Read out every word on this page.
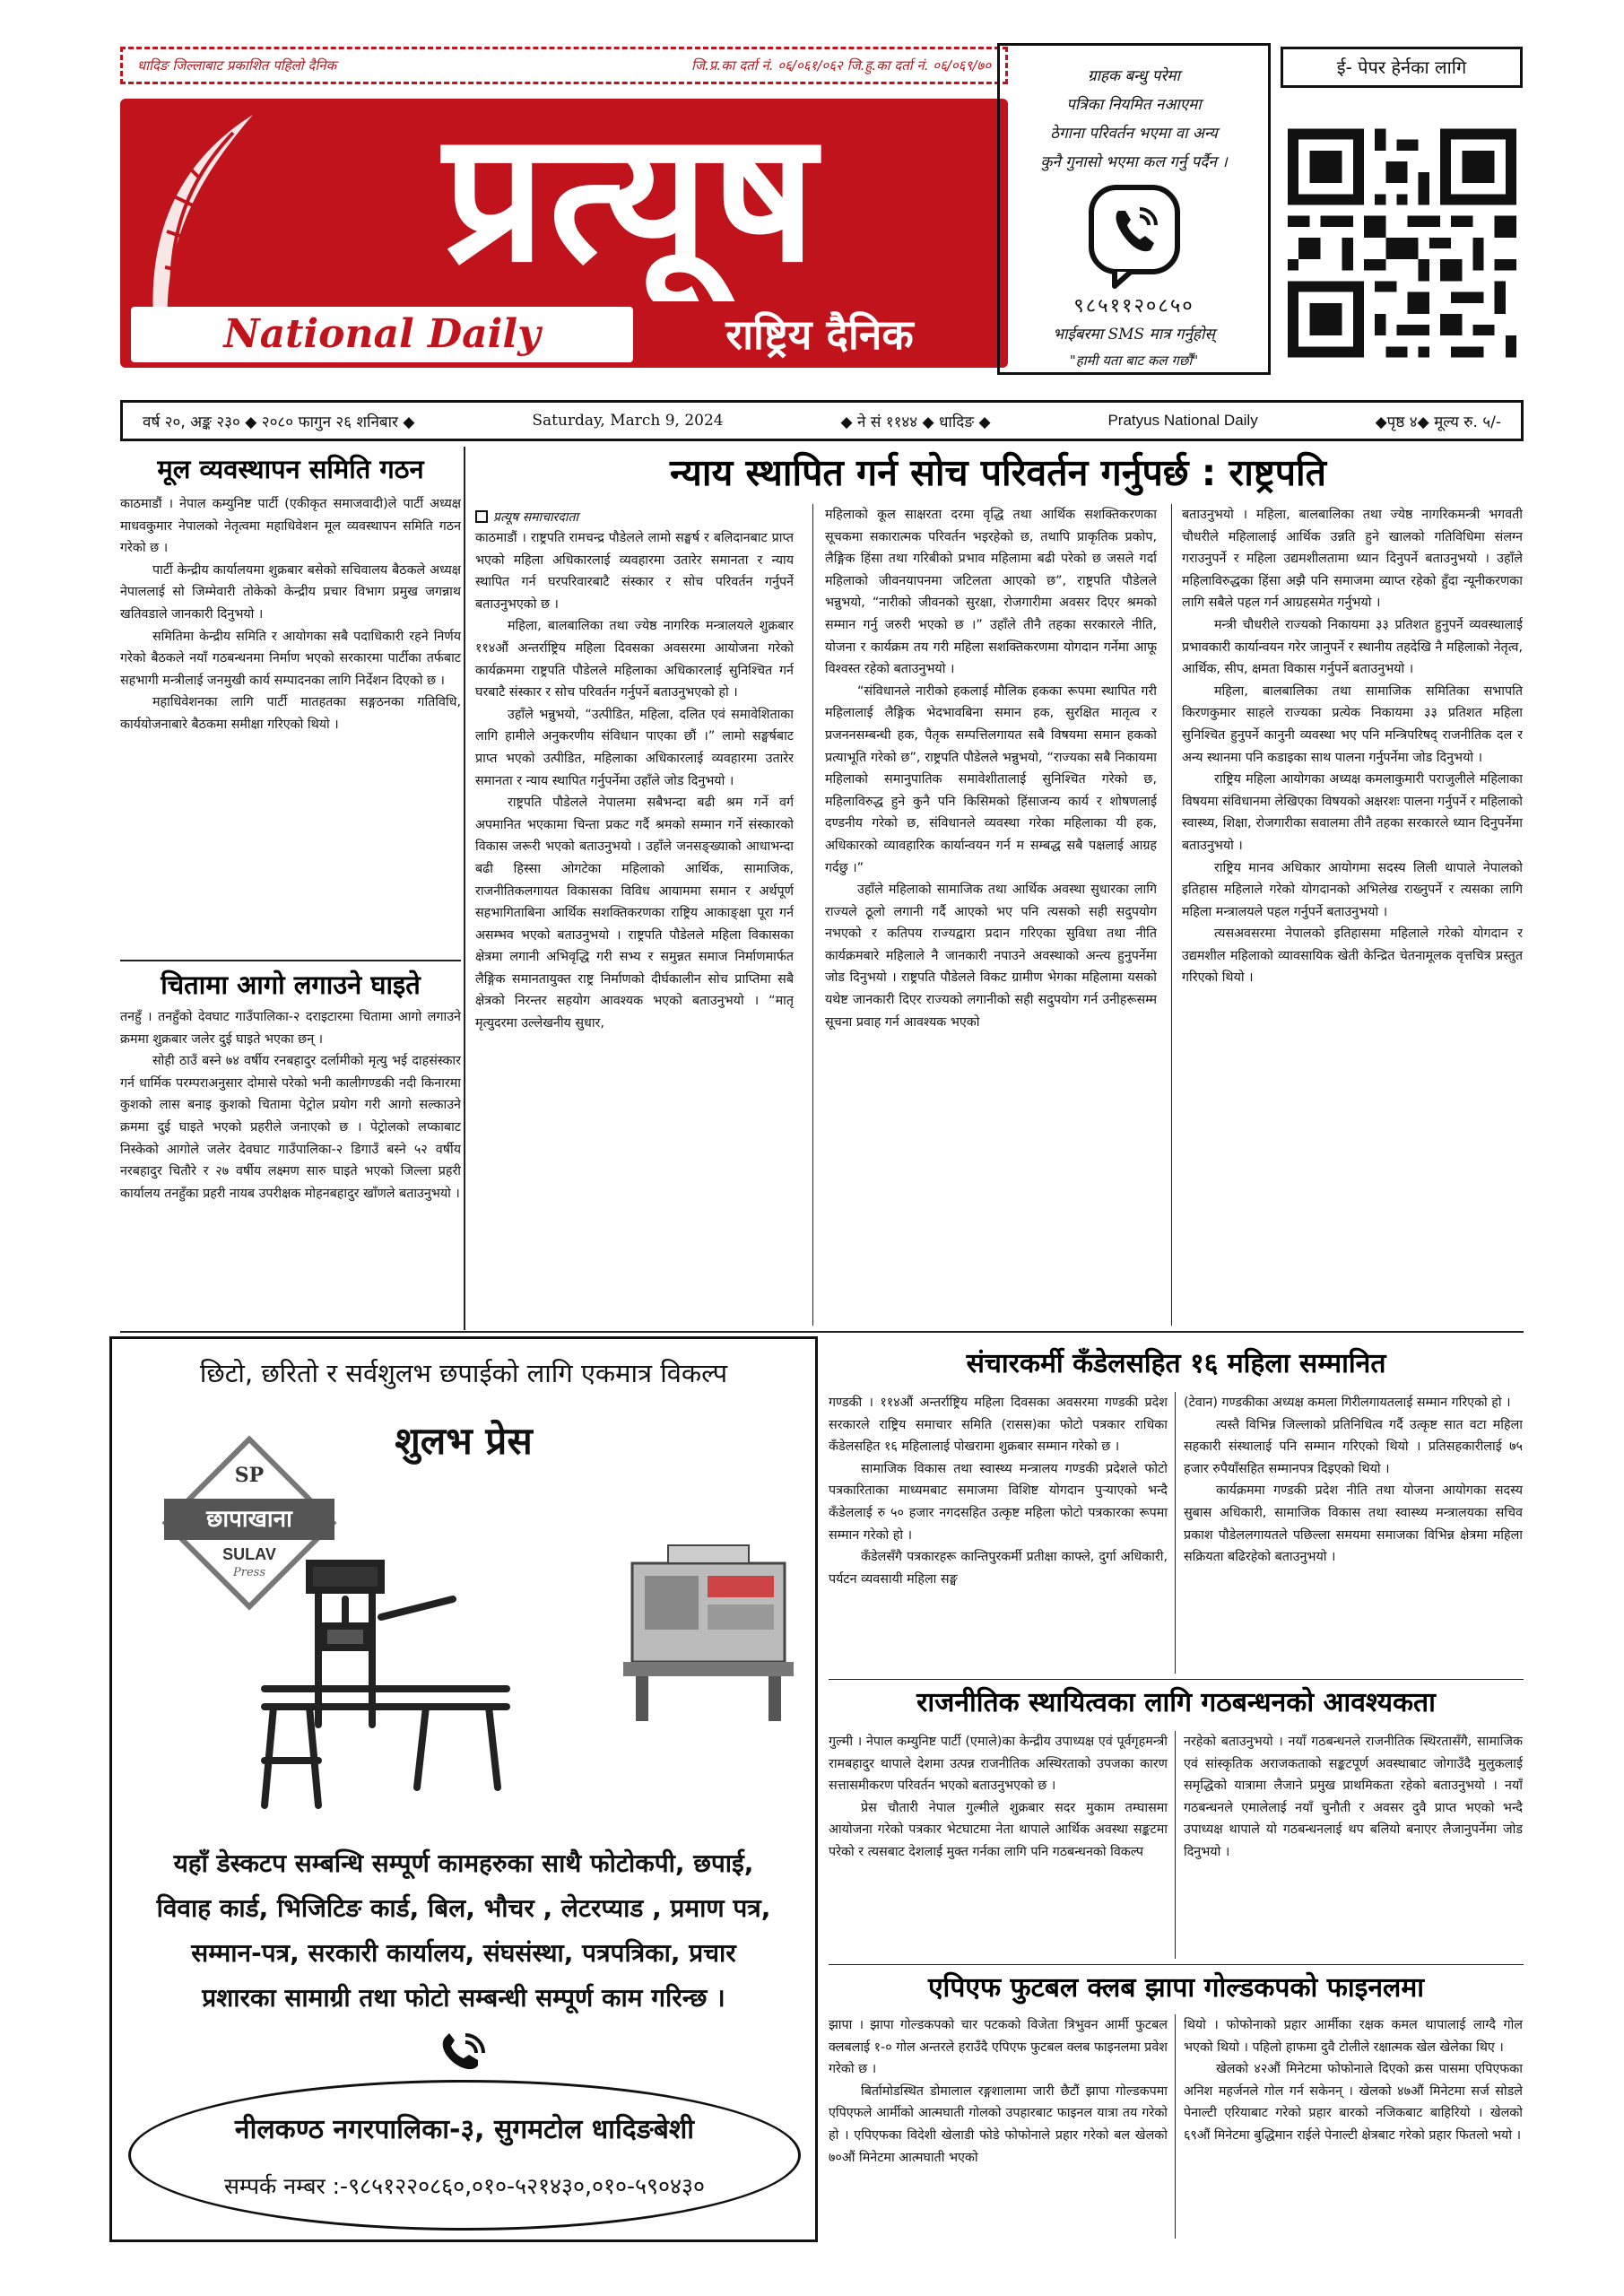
धादिङ जिल्लाबाट प्रकाशित पहिलो दैनिक	जि.प्र.का दर्ता नं. ०६/०६१/०६२ जि.हु.का दर्ता नं. ०६/०६९/७०
प्रत्यूष
National Daily	राष्ट्रिय दैनिक
ग्राहक बन्धु परेमा
पत्रिका नियमित नआएमा
ठेगाना परिवर्तन भएमा वा अन्य
कुनै गुनासो भएमा कल गर्नु पर्दैन ।
९८५११२०८५०
भाईबरमा SMS मात्र गर्नुहोस्
"हामी यता बाट कल गर्छौं"
ई- पेपर हेर्नका लागि
वर्ष २०, अङ्क २३० ◆ २०८० फागुन २६ शनिबार ◆	Saturday, March 9, 2024	◆ ने सं ११४४ ◆ धादिङ ◆	Pratyus National Daily	◆पृष्ठ ४◆ मूल्य रु. ५/-
मूल व्यवस्थापन समिति गठन

काठमाडौं । नेपाल कम्युनिष्ट पार्टी (एकीकृत समाजवादी)ले पार्टी अध्यक्ष माधवकुमार नेपालको नेतृत्वमा महाधिवेशन मूल व्यवस्थापन समिति गठन गरेको छ ।

पार्टी केन्द्रीय कार्यालयमा शुक्रबार बसेको सचिवालय बैठकले अध्यक्ष नेपाललाई सो जिम्मेवारी तोकेको केन्द्रीय प्रचार विभाग प्रमुख जगन्नाथ खतिवडाले जानकारी दिनुभयो ।

समितिमा केन्द्रीय समिति र आयोगका सबै पदाधिकारी रहने निर्णय गरेको बैठकले नयाँ गठबन्धनमा निर्माण भएको सरकारमा पार्टीका तर्फबाट सहभागी मन्त्रीलाई जनमुखी कार्य सम्पादनका लागि निर्देशन दिएको छ ।

महाधिवेशनका लागि पार्टी मातहतका सङ्गठनका गतिविधि, कार्ययोजनाबारे बैठकमा समीक्षा गरिएको थियो ।

चितामा आगो लगाउने घाइते

तनहुँ । तनहुँको देवघाट गाउँपालिका-२ दराइटारमा चितामा आगो लगाउने क्रममा शुक्रबार जलेर दुई घाइते भएका छन् ।

सोही ठाउँ बस्ने ७४ वर्षीय रनबहादुर दर्लामीको मृत्यु भई दाहसंस्कार गर्न धार्मिक परम्पराअनुसार दोमासे परेको भनी कालीगण्डकी नदी किनारमा कुशको लास बनाइ कुशको चितामा पेट्रोल प्रयोग गरी आगो सल्काउने क्रममा दुई घाइते भएको प्रहरीले जनाएको छ । पेट्रोलको लप्काबाट निस्केको आगोले जलेर देवघाट गाउँपालिका-२ डिगाउँ बस्ने ५२ वर्षीय नरबहादुर चितौरे र २७ वर्षीय लक्ष्मण सारु घाइते भएको जिल्ला प्रहरी कार्यालय तनहुँका प्रहरी नायब उपरीक्षक मोहनबहादुर खाँणले बताउनुभयो ।

न्याय स्थापित गर्न सोच परिवर्तन गर्नुपर्छ : राष्ट्रपति
प्रत्यूष समाचारदाता

काठमाडौं । राष्ट्रपति रामचन्द्र पौडेलले लामो सङ्घर्ष र बलिदानबाट प्राप्त भएको महिला अधिकारलाई व्यवहारमा उतारेर समानता र न्याय स्थापित गर्न घरपरिवारबाटै संस्कार र सोच परिवर्तन गर्नुपर्ने बताउनुभएको छ ।

महिला, बालबालिका तथा ज्येष्ठ नागरिक मन्त्रालयले शुक्रबार ११४औं अन्तर्राष्ट्रिय महिला दिवसका अवसरमा आयोजना गरेको कार्यक्रममा राष्ट्रपति पौडेलले महिलाका अधिकारलाई सुनिश्चित गर्न घरबाटै संस्कार र सोच परिवर्तन गर्नुपर्ने बताउनुभएको हो ।

उहाँले भन्नुभयो, “उत्पीडित, महिला, दलित एवं समावेशिताका लागि हामीले अनुकरणीय संविधान पाएका छौं ।” लामो सङ्घर्षबाट प्राप्त भएको उत्पीडित, महिलाका अधिकारलाई व्यवहारमा उतारेर समानता र न्याय स्थापित गर्नुपर्नेमा उहाँले जोड दिनुभयो ।

राष्ट्रपति पौडेलले नेपालमा सबैभन्दा बढी श्रम गर्ने वर्ग अपमानित भएकामा चिन्ता प्रकट गर्दै श्रमको सम्मान गर्ने संस्कारको विकास जरूरी भएको बताउनुभयो । उहाँले जनसङ्ख्याको आधाभन्दा बढी हिस्सा ओगटेका महिलाको आर्थिक, सामाजिक, राजनीतिकलगायत विकासका विविध आयाममा समान र अर्थपूर्ण सहभागिताबिना आर्थिक सशक्तिकरणका राष्ट्रिय आकाङ्क्षा पूरा गर्न असम्भव भएको बताउनुभयो । राष्ट्रपति पौडेलले महिला विकासका क्षेत्रमा लगानी अभिवृद्धि गरी सभ्य र समुन्नत समाज निर्माणमार्फत लैङ्गिक समानतायुक्त राष्ट्र निर्माणको दीर्घकालीन सोच प्राप्तिमा सबै क्षेत्रको निरन्तर सहयोग आवश्यक भएको बताउनुभयो । “मातृ मृत्युदरमा उल्लेखनीय सुधार,

महिलाको कूल साक्षरता दरमा वृद्धि तथा आर्थिक सशक्तिकरणका सूचकमा सकारात्मक परिवर्तन भइरहेको छ, तथापि प्राकृतिक प्रकोप, लैङ्गिक हिंसा तथा गरिबीको प्रभाव महिलामा बढी परेको छ जसले गर्दा महिलाको जीवनयापनमा जटिलता आएको छ”, राष्ट्रपति पौडेलले भन्नुभयो, “नारीको जीवनको सुरक्षा, रोजगारीमा अवसर दिएर श्रमको सम्मान गर्नु जरुरी भएको छ ।” उहाँले तीनै तहका सरकारले नीति, योजना र कार्यक्रम तय गरी महिला सशक्तिकरणमा योगदान गर्नेमा आफू विश्वस्त रहेको बताउनुभयो ।

“संविधानले नारीको हकलाई मौलिक हकका रूपमा स्थापित गरी महिलालाई लैङ्गिक भेदभावबिना समान हक, सुरक्षित मातृत्व र प्रजननसम्बन्धी हक, पैतृक सम्पत्तिलगायत सबै विषयमा समान हकको प्रत्याभूति गरेको छ”, राष्ट्रपति पौडेलले भन्नुभयो, “राज्यका सबै निकायमा महिलाको समानुपातिक समावेशीतालाई सुनिश्चित गरेको छ, महिलाविरुद्ध हुने कुनै पनि किसिमको हिंसाजन्य कार्य र शोषणलाई दण्डनीय गरेको छ, संविधानले व्यवस्था गरेका महिलाका यी हक, अधिकारको व्यावहारिक कार्यान्वयन गर्न म सम्बद्ध सबै पक्षलाई आग्रह गर्दछु ।”

उहाँले महिलाको सामाजिक तथा आर्थिक अवस्था सुधारका लागि राज्यले ठूलो लगानी गर्दै आएको भए पनि त्यसको सही सदुपयोग नभएको र कतिपय राज्यद्वारा प्रदान गरिएका सुविधा तथा नीति कार्यक्रमबारे महिलाले नै जानकारी नपाउने अवस्थाको अन्त्य हुनुपर्नेमा जोड दिनुभयो । राष्ट्रपति पौडेलले विकट ग्रामीण भेगका महिलामा यसको यथेष्ट जानकारी दिएर राज्यको लगानीको सही सदुपयोग गर्न उनीहरूसम्म सूचना प्रवाह गर्न आवश्यक भएको

बताउनुभयो । महिला, बालबालिका तथा ज्येष्ठ नागरिकमन्त्री भगवती चौधरीले महिलालाई आर्थिक उन्नति हुने खालको गतिविधिमा संलग्न गराउनुपर्ने र महिला उद्यमशीलतामा ध्यान दिनुपर्ने बताउनुभयो । उहाँले महिलाविरुद्धका हिंसा अझै पनि समाजमा व्याप्त रहेको हुँदा न्यूनीकरणका लागि सबैले पहल गर्न आग्रहसमेत गर्नुभयो ।

मन्त्री चौधरीले राज्यको निकायमा ३३ प्रतिशत हुनुपर्ने व्यवस्थालाई प्रभावकारी कार्यान्वयन गरेर जानुपर्ने र स्थानीय तहदेखि नै महिलाको नेतृत्व, आर्थिक, सीप, क्षमता विकास गर्नुपर्ने बताउनुभयो ।

महिला, बालबालिका तथा सामाजिक समितिका सभापति किरणकुमार साहले राज्यका प्रत्येक निकायमा ३३ प्रतिशत महिला सुनिश्चित हुनुपर्ने कानुनी व्यवस्था भए पनि मन्त्रिपरिषद् राजनीतिक दल र अन्य स्थानमा पनि कडाइका साथ पालना गर्नुपर्नेमा जोड दिनुभयो ।

राष्ट्रिय महिला आयोगका अध्यक्ष कमलाकुमारी पराजुलीले महिलाका विषयमा संविधानमा लेखिएका विषयको अक्षरशः पालना गर्नुपर्ने र महिलाको स्वास्थ्य, शिक्षा, रोजगारीका सवालमा तीनै तहका सरकारले ध्यान दिनुपर्नेमा बताउनुभयो ।

राष्ट्रिय मानव अधिकार आयोगमा सदस्य लिली थापाले नेपालको इतिहास महिलाले गरेको योगदानको अभिलेख राख्नुपर्ने र त्यसका लागि महिला मन्त्रालयले पहल गर्नुपर्ने बताउनुभयो ।

त्यसअवसरमा नेपालको इतिहासमा महिलाले गरेको योगदान र उद्यमशील महिलाको व्यावसायिक खेती केन्द्रित चेतनामूलक वृत्तचित्र प्रस्तुत गरिएको थियो ।

छिटो, छरितो र सर्वशुलभ छपाईको लागि एकमात्र विकल्प
शुलभ प्रेस
SP
छापाखाना
SULAV
Press
यहाँ डेस्कटप सम्बन्धि सम्पूर्ण कामहरुका साथै फोटोकपी, छपाई,
विवाह कार्ड, भिजिटिङ कार्ड, बिल, भौचर , लेटरप्याड , प्रमाण पत्र,
सम्मान-पत्र, सरकारी कार्यालय, संघसंस्था, पत्रपत्रिका, प्रचार
प्रशारका सामाग्री तथा फोटो सम्बन्धी सम्पूर्ण काम गरिन्छ ।
नीलकण्ठ नगरपालिका-३, सुगमटोल धादिङबेशी
सम्पर्क नम्बर :-९८५१२२०८६०,०१०-५२१४३०,०१०-५९०४३०
संचारकर्मी कँडेलसहित १६ महिला सम्मानित

गण्डकी । ११४औं अन्तर्राष्ट्रिय महिला दिवसका अवसरमा गण्डकी प्रदेश सरकारले राष्ट्रिय समाचार समिति (रासस)का फोटो पत्रकार राधिका कँडेलसहित १६ महिलालाई पोखरामा शुक्रबार सम्मान गरेको छ ।

सामाजिक विकास तथा स्वास्थ्य मन्त्रालय गण्डकी प्रदेशले फोटो पत्रकारिताका माध्यमबाट समाजमा विशिष्ट योगदान पुऱ्याएको भन्दै कँडेललाई रु ५० हजार नगदसहित उत्कृष्ट महिला फोटो पत्रकारका रूपमा सम्मान गरेको हो ।

कँडेलसँगै पत्रकारहरू कान्तिपुरकर्मी प्रतीक्षा काफ्ले, दुर्गा अधिकारी, पर्यटन व्यवसायी महिला सङ्घ

(टेवान) गण्डकीका अध्यक्ष कमला गिरीलगायतलाई सम्मान गरिएको हो ।

त्यस्तै विभिन्न जिल्लाको प्रतिनिधित्व गर्दै उत्कृष्ट सात वटा महिला सहकारी संस्थालाई पनि सम्मान गरिएको थियो । प्रतिसहकारीलाई ७५ हजार रुपैयाँसहित सम्मानपत्र दिइएको थियो ।

कार्यक्रममा गण्डकी प्रदेश नीति तथा योजना आयोगका सदस्य सुबास अधिकारी, सामाजिक विकास तथा स्वास्थ्य मन्त्रालयका सचिव प्रकाश पौडेललगायतले पछिल्ला समयमा समाजका विभिन्न क्षेत्रमा महिला सक्रियता बढिरहेको बताउनुभयो ।

राजनीतिक स्थायित्वका लागि गठबन्धनको आवश्यकता

गुल्मी । नेपाल कम्युनिष्ट पार्टी (एमाले)का केन्द्रीय उपाध्यक्ष एवं पूर्वगृहमन्त्री रामबहादुर थापाले देशमा उत्पन्न राजनीतिक अस्थिरताको उपजका कारण सत्तासमीकरण परिवर्तन भएको बताउनुभएको छ ।

प्रेस चौतारी नेपाल गुल्मीले शुक्रबार सदर मुकाम तम्घासमा आयोजना गरेको पत्रकार भेटघाटमा नेता थापाले आर्थिक अवस्था सङ्कटमा परेको र त्यसबाट देशलाई मुक्त गर्नका लागि पनि गठबन्धनको विकल्प

नरहेको बताउनुभयो । नयाँ गठबन्धनले राजनीतिक स्थिरतासँगै, सामाजिक एवं सांस्कृतिक अराजकताको सङ्कटपूर्ण अवस्थाबाट जोगाउँदै मुलुकलाई समृद्धिको यात्रामा लैजाने प्रमुख प्राथमिकता रहेको बताउनुभयो । नयाँ गठबन्धनले एमालेलाई नयाँ चुनौती र अवसर दुवै प्राप्त भएको भन्दै उपाध्यक्ष थापाले यो गठबन्धनलाई थप बलियो बनाएर लैजानुपर्नेमा जोड दिनुभयो ।

एपिएफ फुटबल क्लब झापा गोल्डकपको फाइनलमा

झापा । झापा गोल्डकपको चार पटकको विजेता त्रिभुवन आर्मी फुटबल क्लबलाई १-० गोल अन्तरले हराउँदै एपिएफ फुटबल क्लब फाइनलमा प्रवेश गरेको छ ।

बिर्तामोडस्थित डोमालाल रङ्गशालामा जारी छैटौं झापा गोल्डकपमा एपिएफले आर्मीको आत्मघाती गोलको उपहारबाट फाइनल यात्रा तय गरेको हो । एपिएफका विदेशी खेलाडी फोडे फोफोनाले प्रहार गरेको बल खेलको ७०औं मिनेटमा आत्मघाती भएको

थियो । फोफोनाको प्रहार आर्मीका रक्षक कमल थापालाई लाग्दै गोल भएको थियो । पहिलो हाफमा दुवै टोलीले रक्षात्मक खेल खेलेका थिए ।

खेलको ४२औं मिनेटमा फोफोनाले दिएको क्रस पासमा एपिएफका अनिश महर्जनले गोल गर्न सकेनन् । खेलको ४७औं मिनेटमा सर्ज सोडले पेनाल्टी एरियाबाट गरेको प्रहार बारको नजिकबाट बाहिरियो । खेलको ६९औं मिनेटमा बुद्धिमान राईले पेनाल्टी क्षेत्रबाट गरेको प्रहार फितलो भयो ।
